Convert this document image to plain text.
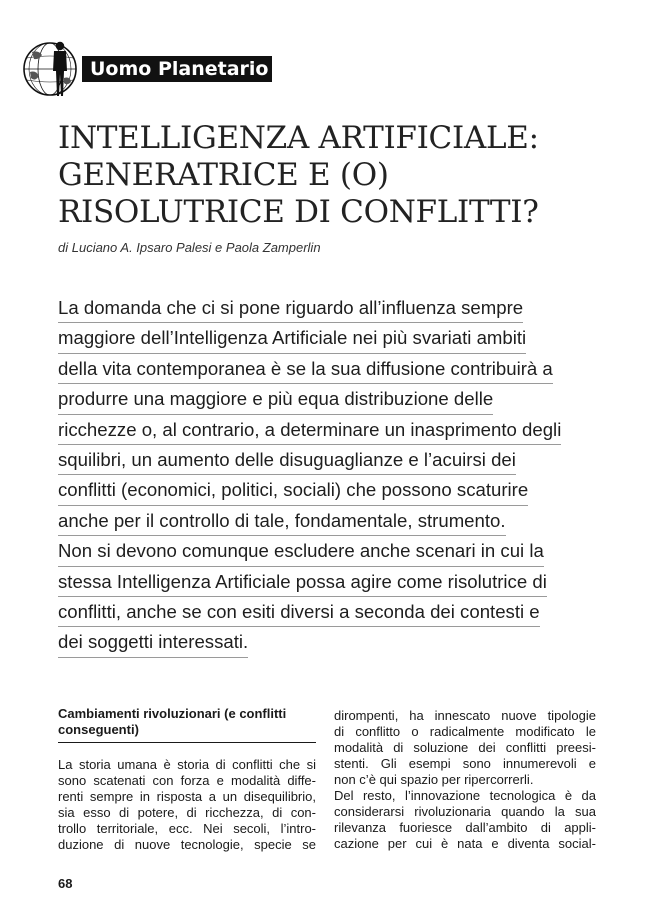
Uomo Planetario
INTELLIGENZA ARTIFICIALE:
GENERATRICE E (O)
RISOLUTRICE DI CONFLITTI?
di Luciano A. Ipsaro Palesi e Paola Zamperlin
La domanda che ci si pone riguardo all’influenza sempre
maggiore dell’Intelligenza Artificiale nei più svariati ambiti
della vita contemporanea è se la sua diffusione contribuirà a
produrre una maggiore e più equa distribuzione delle
ricchezze o, al contrario, a determinare un inasprimento degli
squilibri, un aumento delle disuguaglianze e l’acuirsi dei
conflitti (economici, politici, sociali) che possono scaturire
anche per il controllo di tale, fondamentale, strumento.
Non si devono comunque escludere anche scenari in cui la
stessa Intelligenza Artificiale possa agire come risolutrice di
conflitti, anche se con esiti diversi a seconda dei contesti e
dei soggetti interessati.
Cambiamenti rivoluzionari (e conflitti
conseguenti)
La storia umana è storia di conflitti che si
sono scatenati con forza e modalità diffe-
renti sempre in risposta a un disequilibrio,
sia esso di potere, di ricchezza, di con-
trollo territoriale, ecc. Nei secoli, l’intro-
duzione di nuove tecnologie, specie se
dirompenti, ha innescato nuove tipologie
di conflitto o radicalmente modificato le
modalità di soluzione dei conflitti preesi-
stenti. Gli esempi sono innumerevoli e
non c’è qui spazio per ripercorrerli.
Del resto, l’innovazione tecnologica è da
considerarsi rivoluzionaria quando la sua
rilevanza fuoriesce dall’ambito di appli-
cazione per cui è nata e diventa social-
68
